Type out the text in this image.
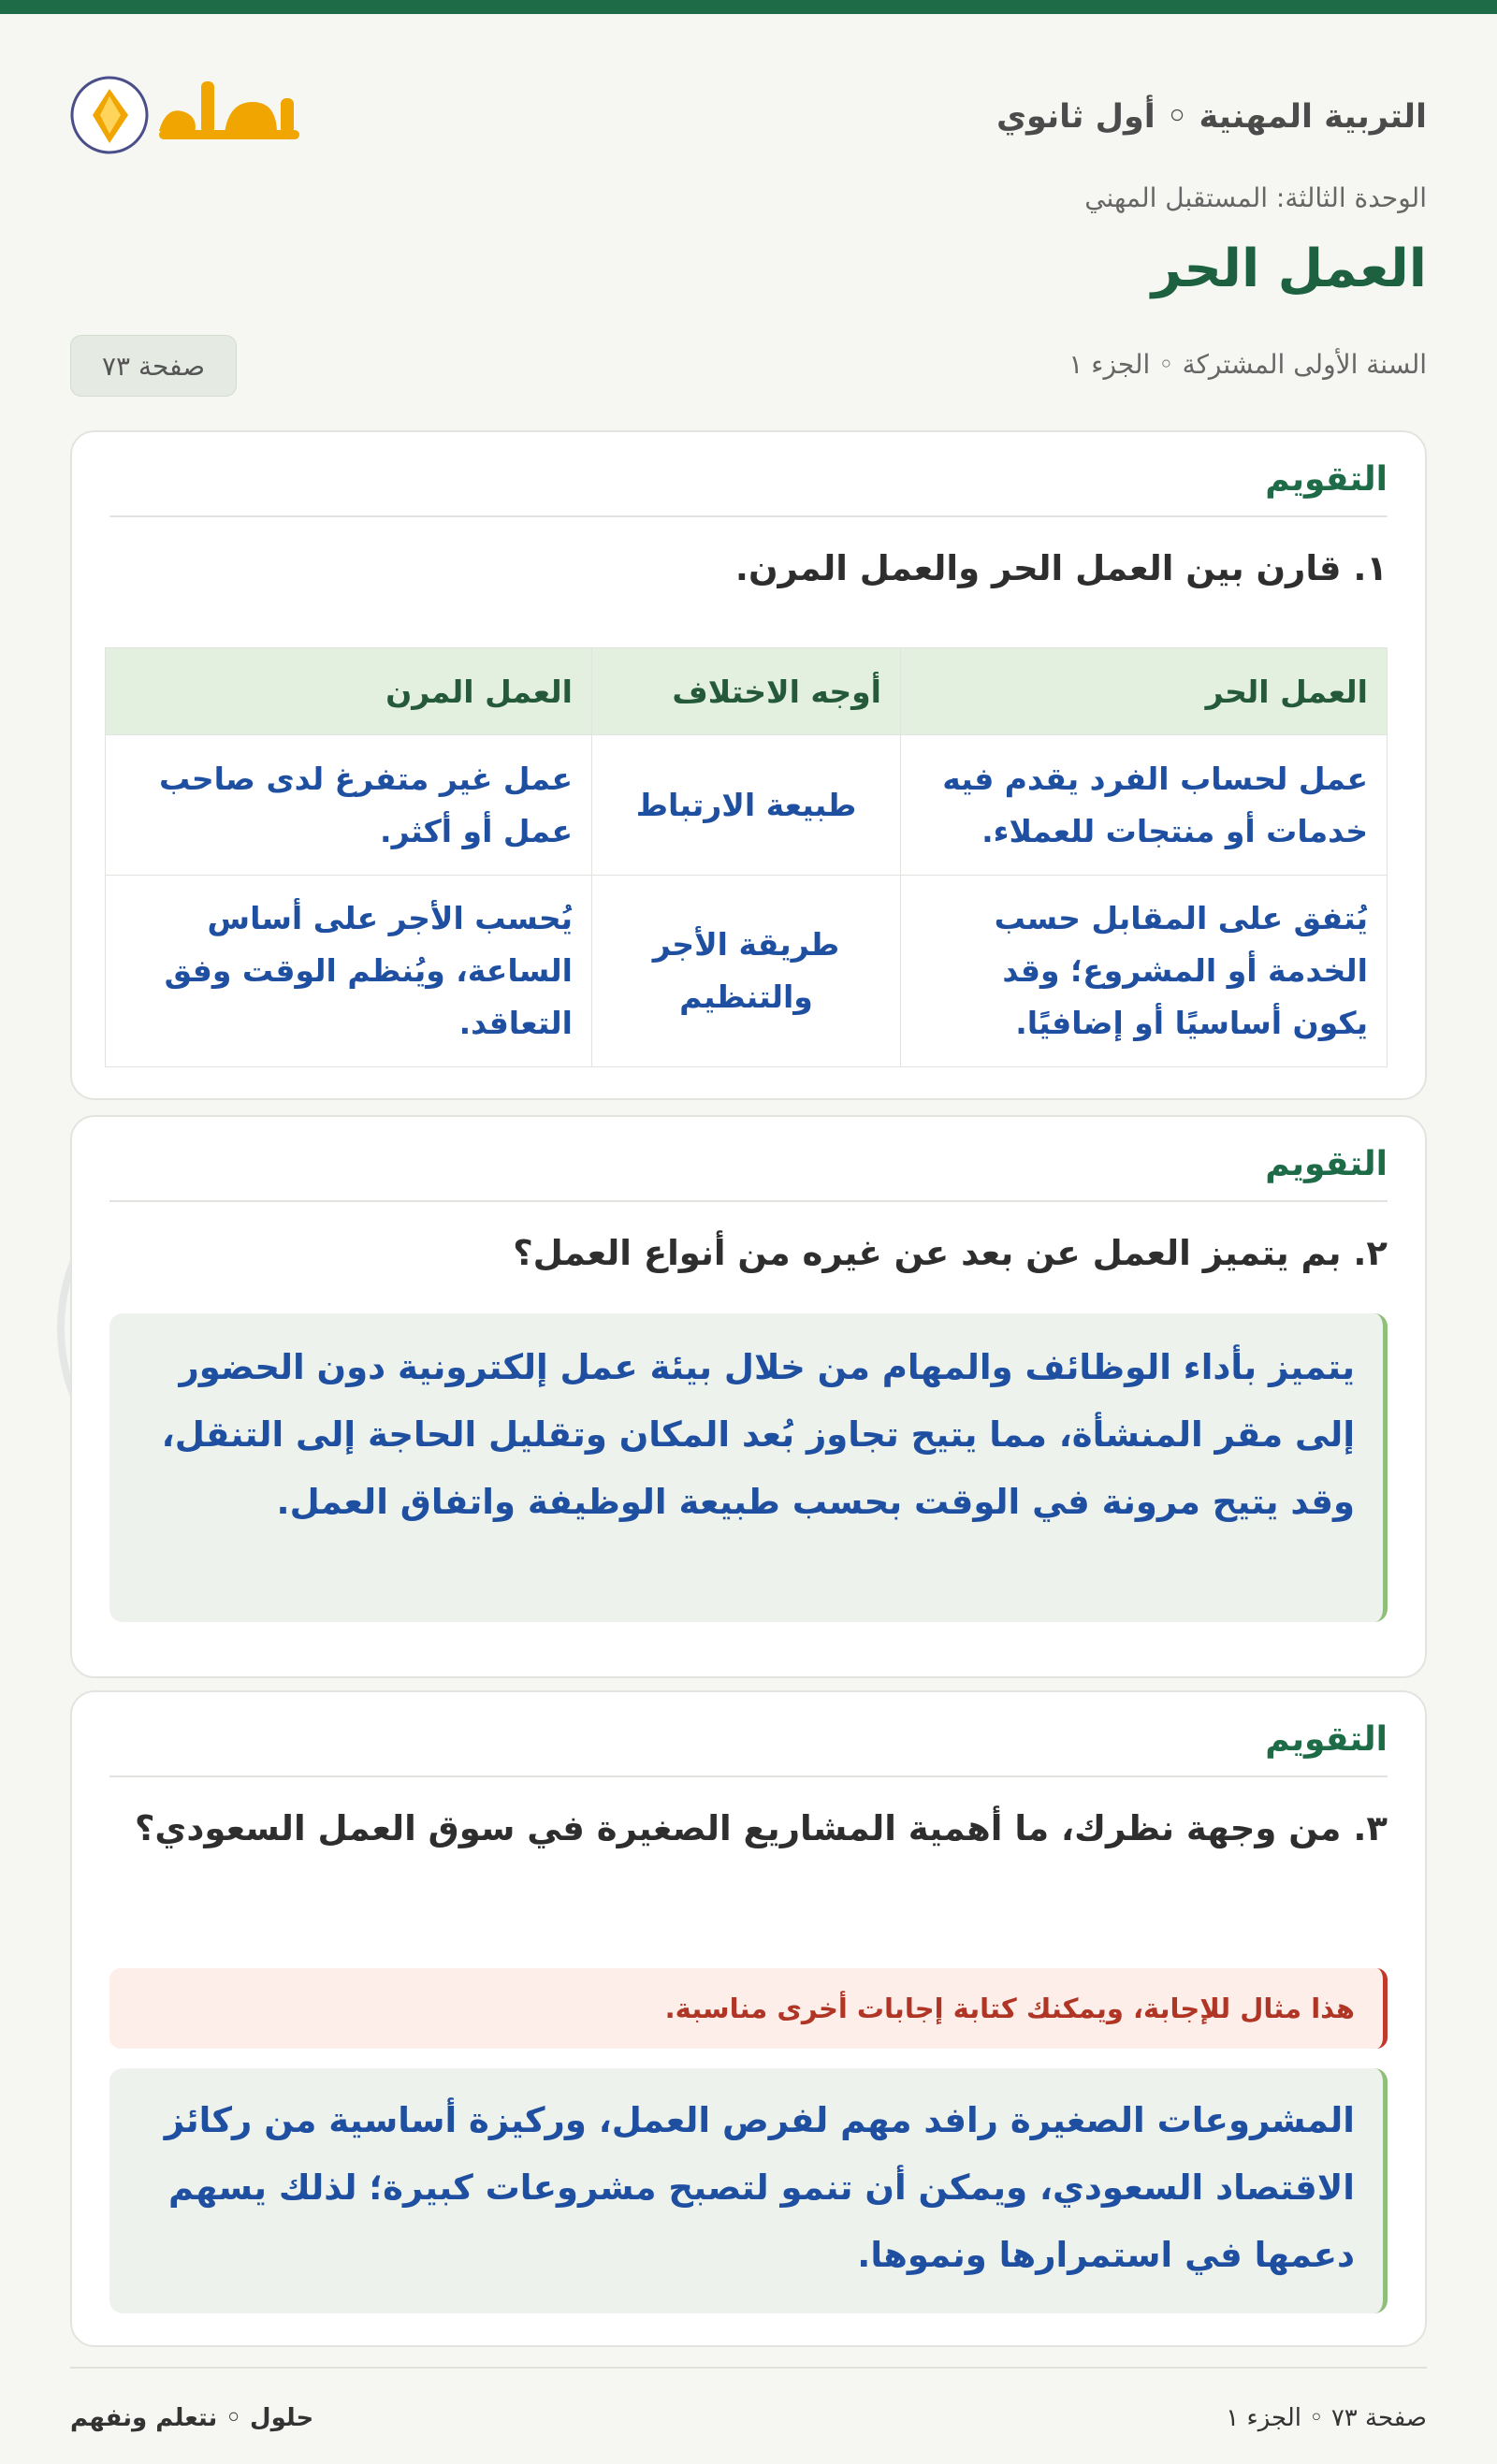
التربية المهنية ◦ أول ثانوي
الوحدة الثالثة: المستقبل المهني
العمل الحر
السنة الأولى المشتركة ◦ الجزء ١
صفحة ٧٣
التقويم
١. قارن بين العمل الحر والعمل المرن.
العمل الحر	أوجه الاختلاف	العمل المرن
عمل لحساب الفرد يقدم فيه خدمات أو منتجات للعملاء.	طبيعة الارتباط	عمل غير متفرغ لدى صاحب عمل أو أكثر.
يُتفق على المقابل حسب الخدمة أو المشروع؛ وقد يكون أساسيًا أو إضافيًا.	طريقة الأجر والتنظيم	يُحسب الأجر على أساس الساعة، ويُنظم الوقت وفق التعاقد.
التقويم
٢. بم يتميز العمل عن بعد عن غيره من أنواع العمل؟
يتميز بأداء الوظائف والمهام من خلال بيئة عمل إلكترونية دون الحضور إلى مقر المنشأة، مما يتيح تجاوز بُعد المكان وتقليل الحاجة إلى التنقل، وقد يتيح مرونة في الوقت بحسب طبيعة الوظيفة واتفاق العمل.
التقويم
٣. من وجهة نظرك، ما أهمية المشاريع الصغيرة في سوق العمل السعودي؟
هذا مثال للإجابة، ويمكنك كتابة إجابات أخرى مناسبة.
المشروعات الصغيرة رافد مهم لفرص العمل، وركيزة أساسية من ركائز الاقتصاد السعودي، ويمكن أن تنمو لتصبح مشروعات كبيرة؛ لذلك يسهم دعمها في استمرارها ونموها.
صفحة ٧٣ ◦ الجزء ١
حلول ◦ نتعلم ونفهم
